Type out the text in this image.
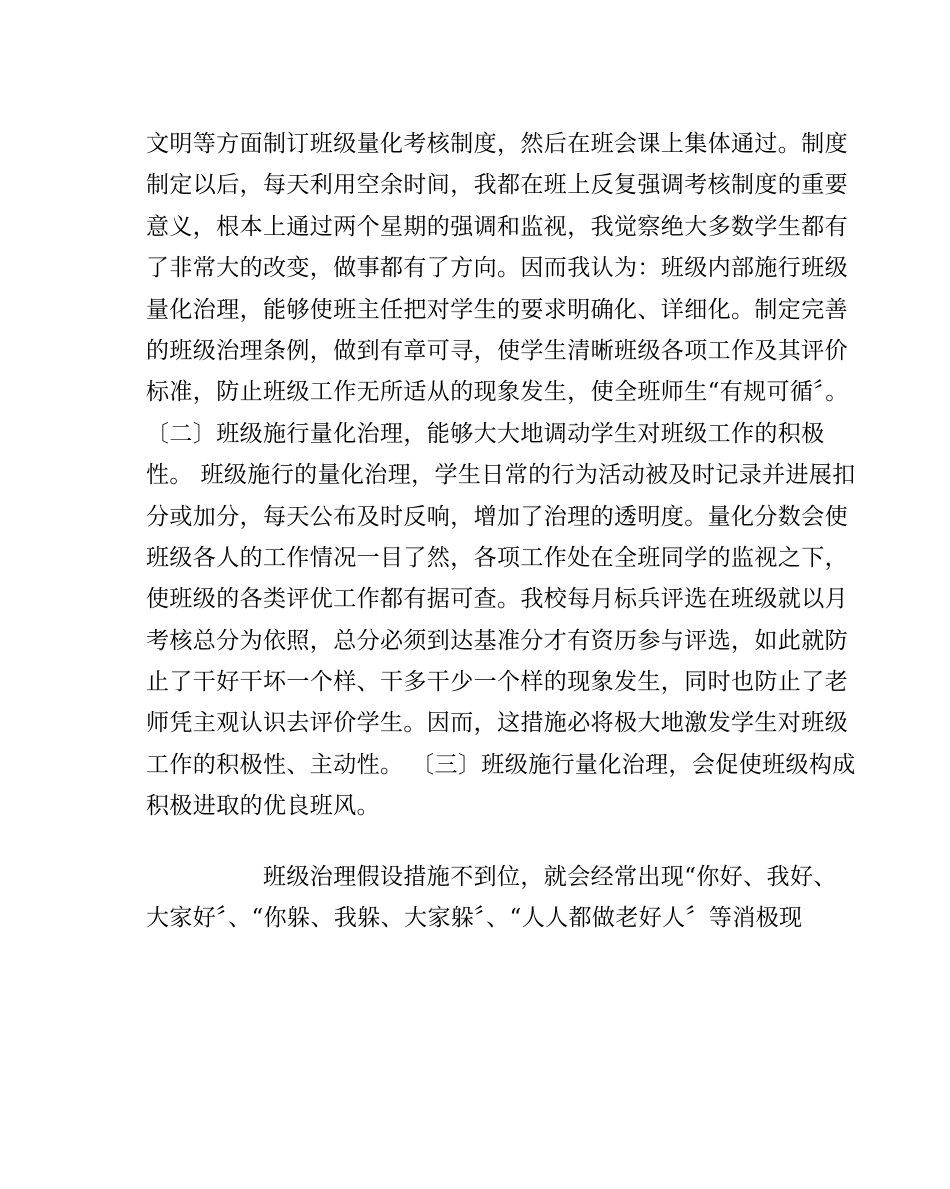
文明等方面制订班级量化考核制度，然后在班会课上集体通过。制度
制定以后，每天利用空余时间，我都在班上反复强调考核制度的重要
意义，根本上通过两个星期的强调和监视，我觉察绝大多数学生都有
了非常大的改变，做事都有了方向。因而我认为：班级内部施行班级
量化治理，能够使班主任把对学生的要求明确化、详细化。制定完善
的班级治理条例，做到有章可寻，使学生清晰班级各项工作及其评价
标准，防止班级工作无所适从的现象发生，使全班师生“有规可循〞。
〔二〕班级施行量化治理，能够大大地调动学生对班级工作的积极
性。 班级施行的量化治理，学生日常的行为活动被及时记录并进展扣
分或加分，每天公布及时反响，增加了治理的透明度。量化分数会使
班级各人的工作情况一目了然，各项工作处在全班同学的监视之下，
使班级的各类评优工作都有据可查。我校每月标兵评选在班级就以月
考核总分为依照，总分必须到达基准分才有资历参与评选，如此就防
止了干好干坏一个样、干多干少一个样的现象发生，同时也防止了老
师凭主观认识去评价学生。因而，这措施必将极大地激发学生对班级
工作的积极性、主动性。 〔三〕班级施行量化治理，会促使班级构成
积极进取的优良班风。
　　　　　班级治理假设措施不到位，就会经常出现“你好、我好、
大家好〞、“你躲、我躲、大家躲〞、“人人都做老好人〞等消极现
